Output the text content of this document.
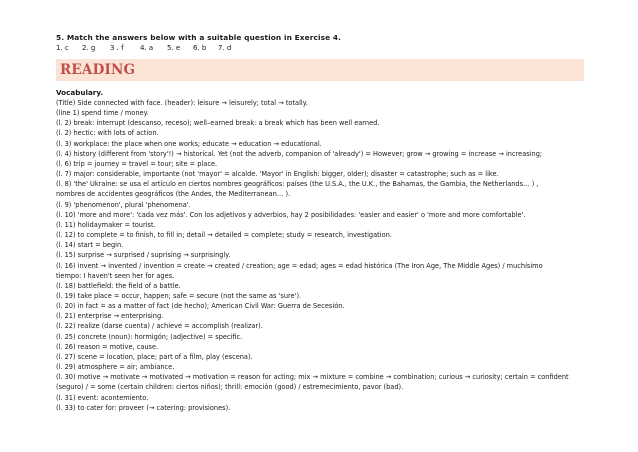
5. Match the answers below with a suitable question in Exercise 4.
1. c	2. g	3 . f	4. a	5. e	6. b	7. d
READING
Vocabulary.
(Title) Side connected with face. (header): leisure → leisurely; total → totally.
(line 1) spend time / money.
(l. 2) break: interrupt (descanso, receso); well–earned break: a break which has been well earned.
(l. 2) hectic: with lots of action.
(l. 3) workplace: the place when one works; educate → education → educational.
(l. 4) history (different from 'story'!) → historical. Yet (not the adverb, companion of 'already') = However; grow → growing = increase → increasing;
(l. 6) trip = journey = travel = tour; site = place.
(l. 7) major: considerable, importante (not 'mayor' = alcalde. 'Mayor' in English: bigger, older); disaster = catastrophe; such as = like.
(l. 8) 'the' Ukraine: se usa el artículo en ciertos nombres geográficos: países (the U.S.A., the U.K., the Bahamas, the Gambia, the Netherlands… ) ,
nombres de accidentes geográficos (the Andes, the Mediterranean… ).
(l. 9) 'phenomenon', plural 'phenomena'.
(l. 10) 'more and more': 'cada vez más'. Con los adjetivos y adverbios, hay 2 posibilidades: 'easier and easier' o 'more and more comfortable'.
(l. 11) holidaymaker = tourist.
(l. 12) to complete = to finish, to fill in; detail → detailed = complete; study = research, investigation.
(l. 14) start = begin.
(l. 15) surprise → surprised / suprising → surprisingly.
(l. 16) invent → invented / invention = create → created / creation; age = edad; ages = edad histórica (The Iron Age, The Middle Ages) / muchísimo
tiempo: I haven't seen her for ages.
(l. 18) battlefield: the field of a battle.
(l. 19) take place = occur, happen; safe = secure (not the same as 'sure').
(l. 20) in fact = as a matter of fact (de hecho); American Civil War: Guerra de Secesión.
(l. 21) enterprise → enterprising.
(l. 22) realize (darse cuenta) / achieve = accomplish (realizar).
(l. 25) concrete (noun): hormigón; (adjective) = specific.
(l. 26) reason = motive, cause.
(l. 27) scene = location, place; part of a film, play (escena).
(l. 29) atmosphere = air; ambiance.
(l. 30) motive → motivate → motivated → motivation = reason for acting; mix → mixture = combine → combination; curious → curiosity; certain = confident
(seguro) / = some (certain children: ciertos niños); thrill: emoción (good) / estremecimiento, pavor (bad).
(l. 31) event: acontemiento.
(l. 33) to cater for: proveer (→ catering: provisiones).
